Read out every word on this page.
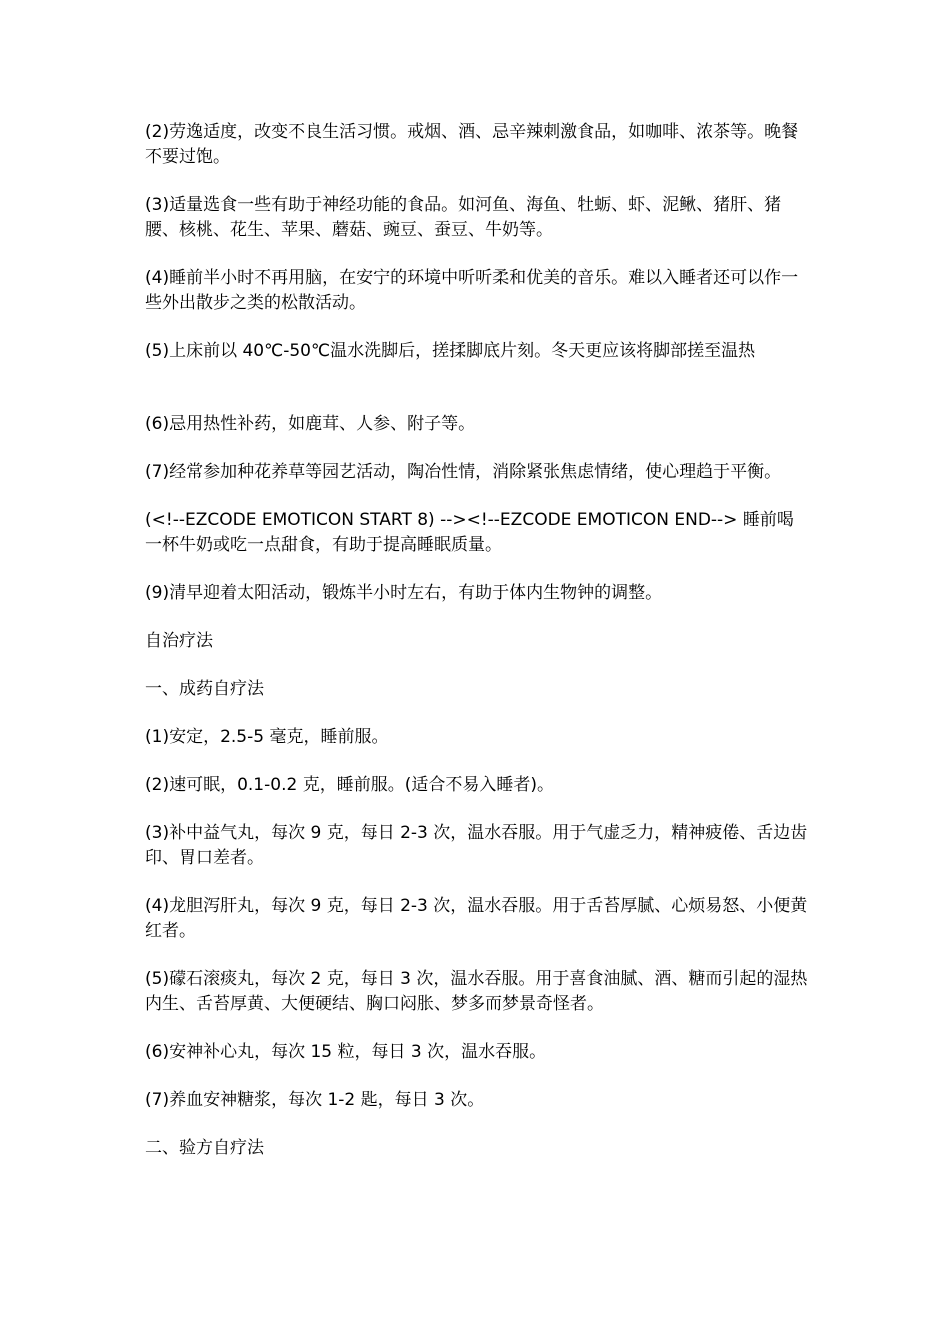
(2)劳逸适度，改变不良生活习惯。戒烟、酒、忌辛辣刺激食品，如咖啡、浓茶等。晚餐不要过饱。

(3)适量选食一些有助于神经功能的食品。如河鱼、海鱼、牡蛎、虾、泥鳅、猪肝、猪腰、核桃、花生、苹果、蘑菇、豌豆、蚕豆、牛奶等。

(4)睡前半小时不再用脑，在安宁的环境中听听柔和优美的音乐。难以入睡者还可以作一些外出散步之类的松散活动。

(5)上床前以 40℃-50℃温水洗脚后，搓揉脚底片刻。冬天更应该将脚部搓至温热

(6)忌用热性补药，如鹿茸、人参、附子等。

(7)经常参加种花养草等园艺活动，陶冶性情，消除紧张焦虑情绪，使心理趋于平衡。

(<!--EZCODE EMOTICON START 8) --><!--EZCODE EMOTICON END--> 睡前喝一杯牛奶或吃一点甜食，有助于提高睡眠质量。

(9)清早迎着太阳活动，锻炼半小时左右，有助于体内生物钟的调整。

自治疗法

一、成药自疗法

(1)安定，2.5-5 毫克，睡前服。

(2)速可眠，0.1-0.2 克，睡前服。(适合不易入睡者)。

(3)补中益气丸，每次 9 克，每日 2-3 次，温水吞服。用于气虚乏力，精神疲倦、舌边齿印、胃口差者。

(4)龙胆泻肝丸，每次 9 克，每日 2-3 次，温水吞服。用于舌苔厚腻、心烦易怒、小便黄红者。

(5)礞石滚痰丸，每次 2 克，每日 3 次，温水吞服。用于喜食油腻、酒、糖而引起的湿热内生、舌苔厚黄、大便硬结、胸口闷胀、梦多而梦景奇怪者。

(6)安神补心丸，每次 15 粒，每日 3 次，温水吞服。

(7)养血安神糖浆，每次 1-2 匙，每日 3 次。

二、验方自疗法
